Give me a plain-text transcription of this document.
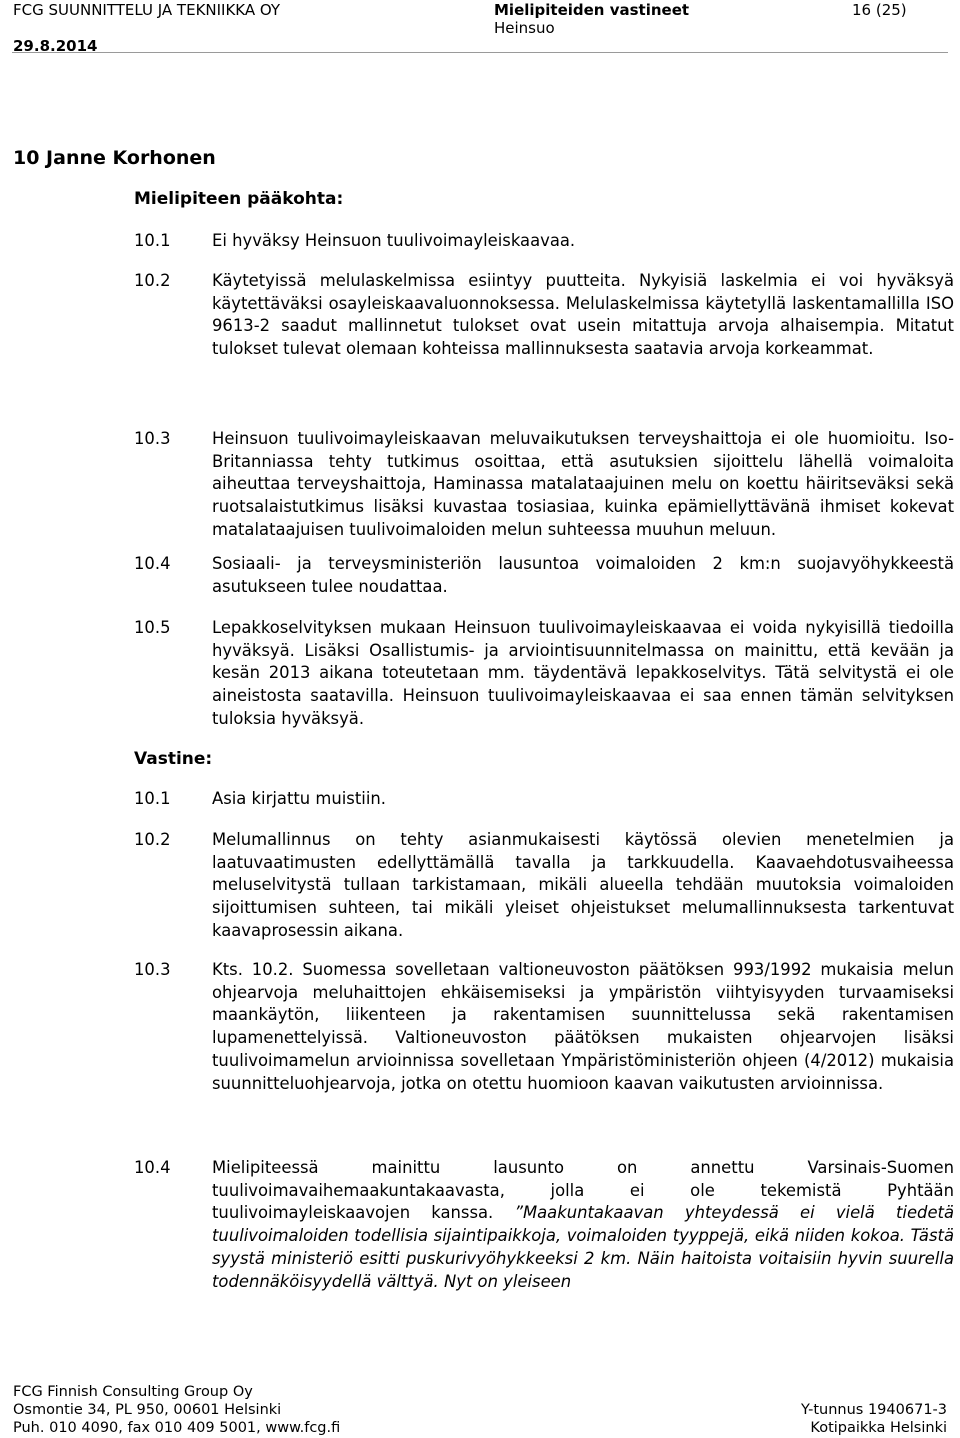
FCG SUUNNITTELU JA TEKNIIKKA OY
29.8.2014
Mielipiteiden vastineet
Heinsuo
16 (25)
10 Janne Korhonen
Mielipiteen pääkohta:
10.1	Ei hyväksy Heinsuon tuulivoimayleiskaavaa.
10.2	Käytetyissä melulaskelmissa esiintyy puutteita. Nykyisiä laskelmia ei voi hyväksyä käytettäväksi osayleiskaavaluonnoksessa. Melulaskelmissa käytetyllä laskentamallilla ISO 9613-2 saadut mallinnetut tulokset ovat usein mitattuja arvoja alhaisempia. Mitatut tulokset tulevat olemaan kohteissa mallinnuksesta saatavia arvoja korkeammat.
10.3	Heinsuon tuulivoimayleiskaavan meluvaikutuksen terveyshaittoja ei ole huomioitu. Iso-Britanniassa tehty tutkimus osoittaa, että asutuksien sijoittelu lähellä voimaloita aiheuttaa terveyshaittoja, Haminassa matalataajuinen melu on koettu häiritseväksi sekä ruotsalaistutkimus lisäksi kuvastaa tosiasiaa, kuinka epämiellyttävänä ihmiset kokevat matalataajuisen tuulivoimaloiden melun suhteessa muuhun meluun.
10.4	Sosiaali- ja terveysministeriön lausuntoa voimaloiden 2 km:n suojavyöhykkeestä asutukseen tulee noudattaa.
10.5	Lepakkoselvityksen mukaan Heinsuon tuulivoimayleiskaavaa ei voida nykyisillä tiedoilla hyväksyä. Lisäksi Osallistumis- ja arviointisuunnitelmassa on mainittu, että kevään ja kesän 2013 aikana toteutetaan mm. täydentävä lepakkoselvitys. Tätä selvitystä ei ole aineistosta saatavilla. Heinsuon tuulivoimayleiskaavaa ei saa ennen tämän selvityksen tuloksia hyväksyä.
Vastine:
10.1	Asia kirjattu muistiin.
10.2	Melumallinnus on tehty asianmukaisesti käytössä olevien menetelmien ja laatuvaatimusten edellyttämällä tavalla ja tarkkuudella. Kaavaehdotusvaiheessa meluselvitystä tullaan tarkistamaan, mikäli alueella tehdään muutoksia voimaloiden sijoittumisen suhteen, tai mikäli yleiset ohjeistukset melumallinnuksesta tarkentuvat kaavaprosessin aikana.
10.3	Kts. 10.2. Suomessa sovelletaan valtioneuvoston päätöksen 993/1992 mukaisia melun ohjearvoja meluhaittojen ehkäisemiseksi ja ympäristön viihtyisyyden turvaamiseksi maankäytön, liikenteen ja rakentamisen suunnittelussa sekä rakentamisen lupamenettelyissä. Valtioneuvoston päätöksen mukaisten ohjearvojen lisäksi tuulivoimamelun arvioinnissa sovelletaan Ympäristöministeriön ohjeen (4/2012) mukaisia suunnitteluohjearvoja, jotka on otettu huomioon kaavan vaikutusten arvioinnissa.
10.4	Mielipiteessä mainittu lausunto on annettu Varsinais-Suomen tuulivoimavaihemaakuntakaavasta, jolla ei ole tekemistä Pyhtään tuulivoimayleiskaavojen kanssa. ”Maakuntakaavan yhteydessä ei vielä tiedetä tuulivoimaloiden todellisia sijaintipaikkoja, voimaloiden tyyppejä, eikä niiden kokoa. Tästä syystä ministeriö esitti puskurivyöhykkeeksi 2 km. Näin haitoista voitaisiin hyvin suurella todennäköisyydellä välttyä. Nyt on yleiseen
FCG Finnish Consulting Group Oy
Osmontie 34, PL 950, 00601 Helsinki
Puh. 010 4090, fax 010 409 5001, www.fcg.fi
Y-tunnus 1940671-3
Kotipaikka Helsinki
